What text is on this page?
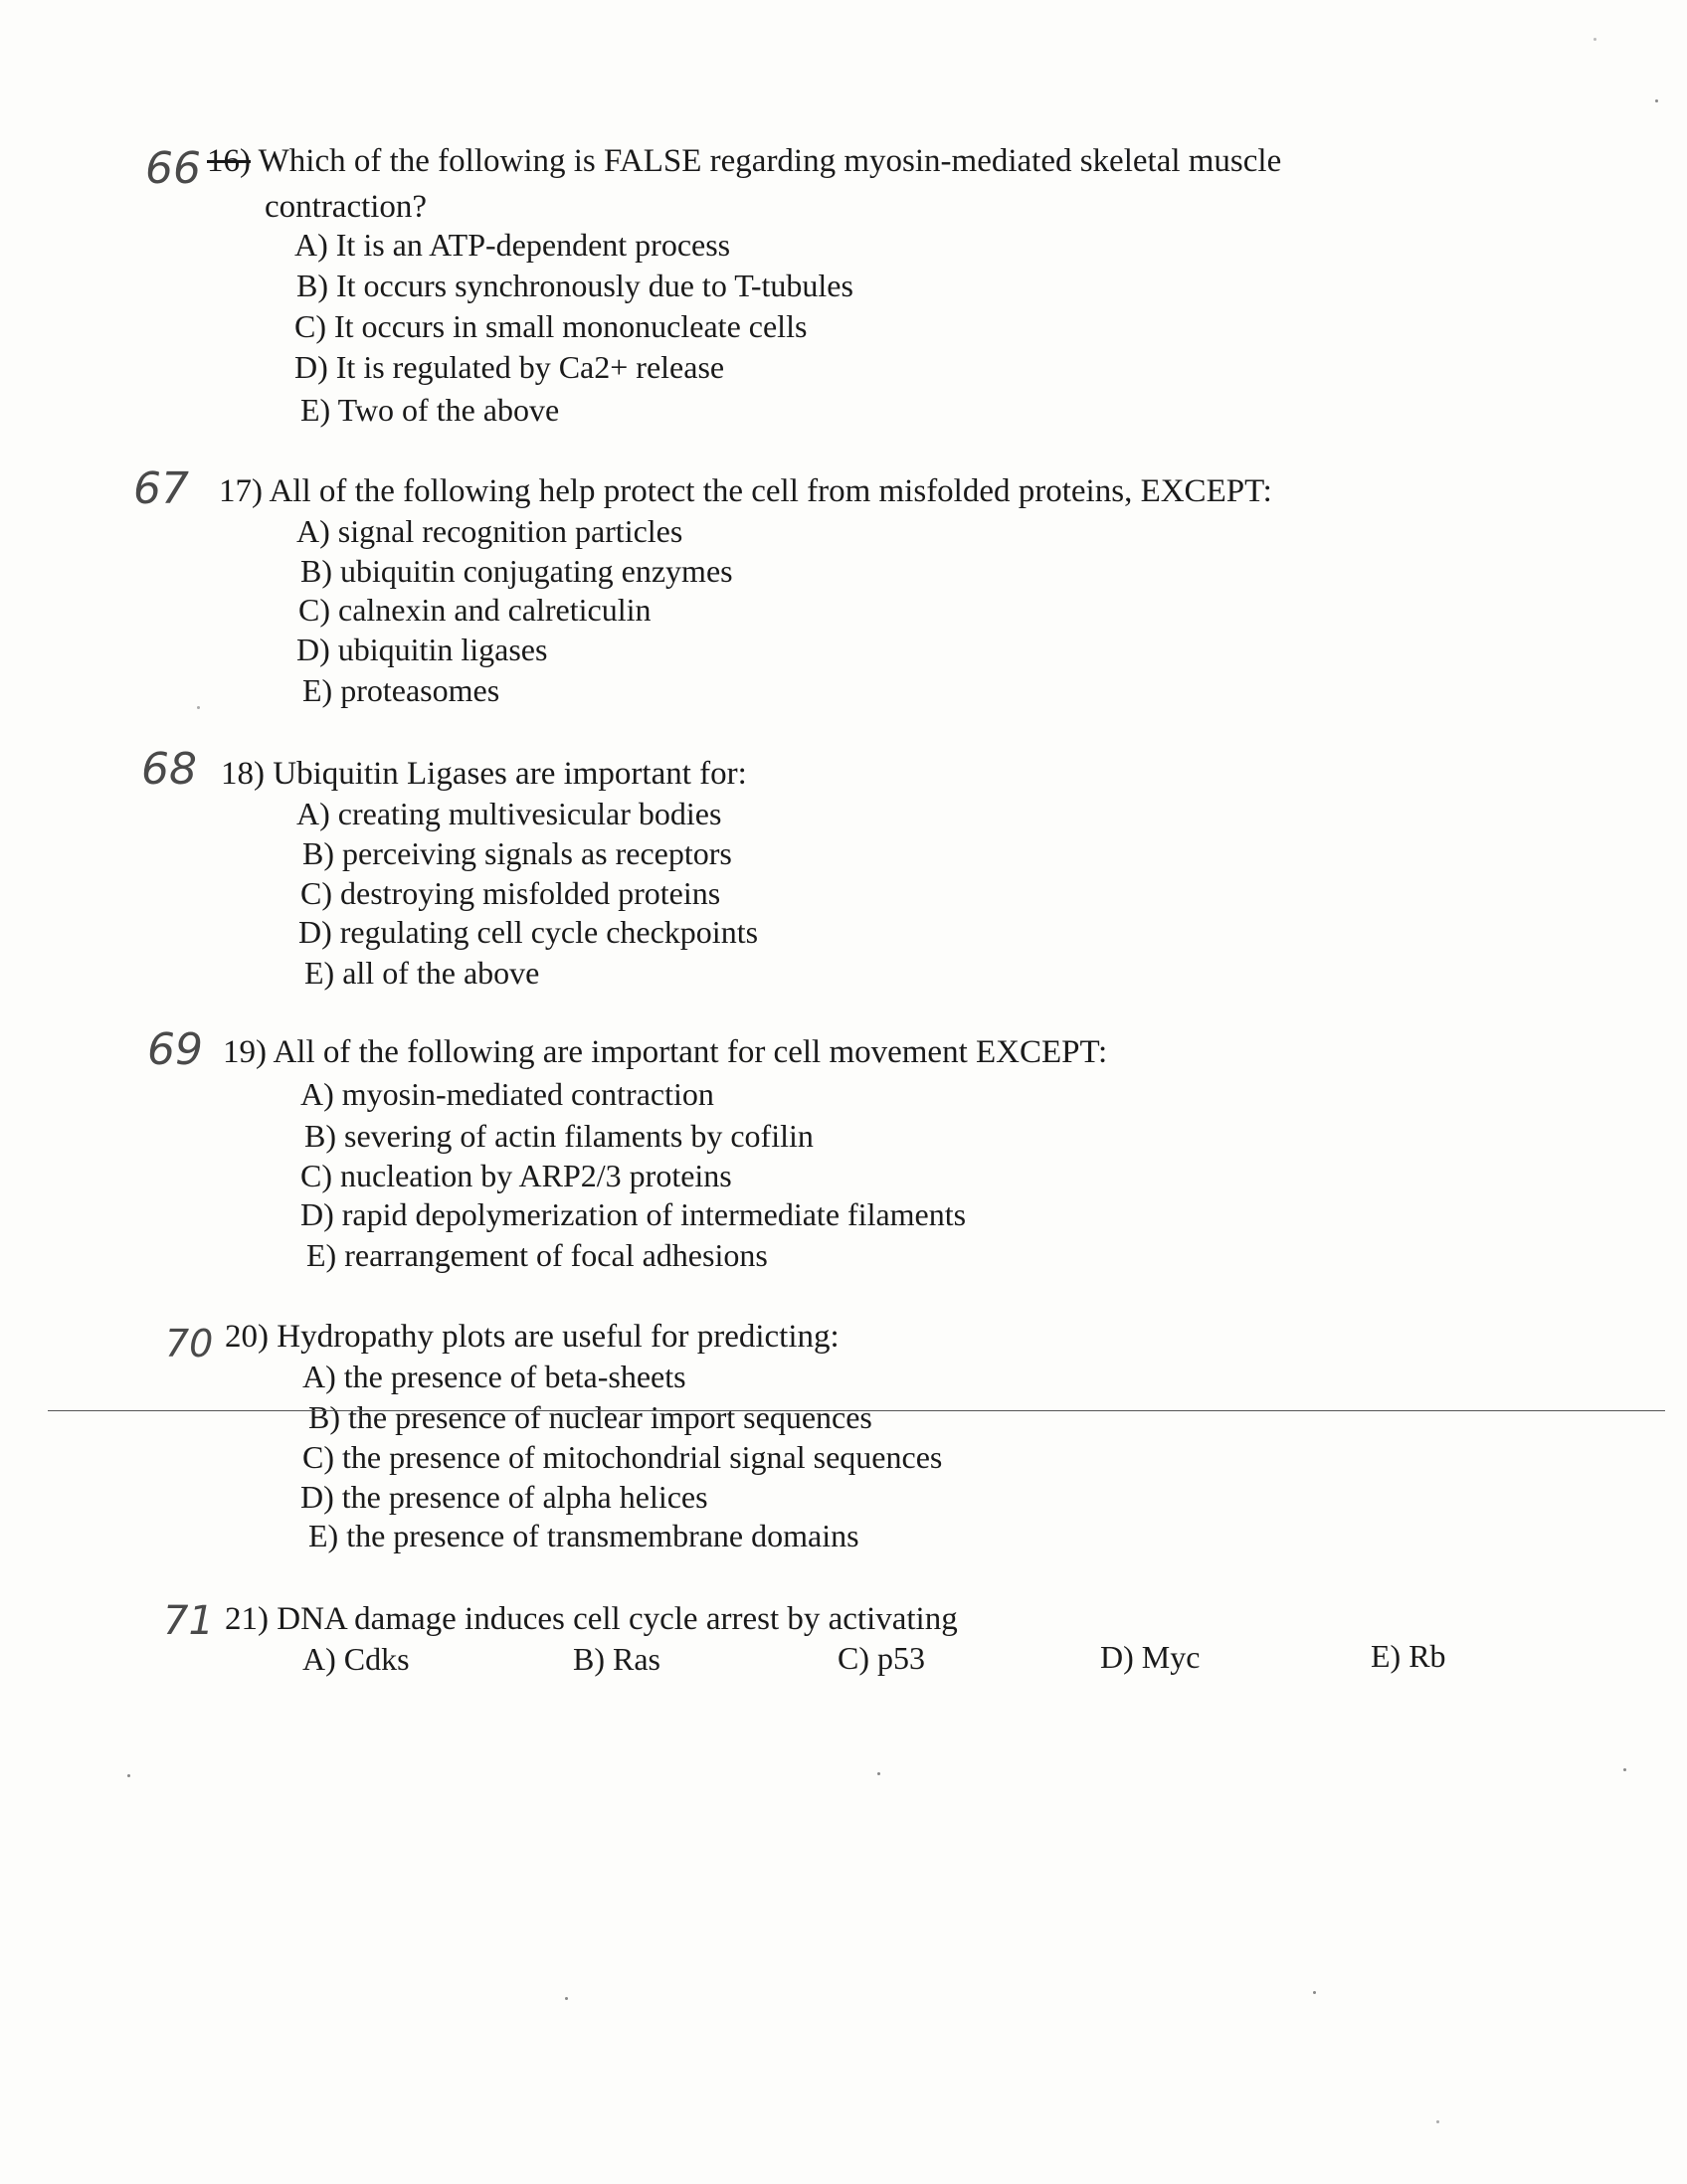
66 16) Which of the following is FALSE regarding myosin-mediated skeletal muscle
contraction?
A) It is an ATP-dependent process
B) It occurs synchronously due to T-tubules
C) It occurs in small mononucleate cells
D) It is regulated by Ca2+ release
E) Two of the above
67 17) All of the following help protect the cell from misfolded proteins, EXCEPT:
A) signal recognition particles
B) ubiquitin conjugating enzymes
C) calnexin and calreticulin
D) ubiquitin ligases
E) proteasomes
68 18) Ubiquitin Ligases are important for:
A) creating multivesicular bodies
B) perceiving signals as receptors
C) destroying misfolded proteins
D) regulating cell cycle checkpoints
E) all of the above
69 19) All of the following are important for cell movement EXCEPT:
A) myosin-mediated contraction
B) severing of actin filaments by cofilin
C) nucleation by ARP2/3 proteins
D) rapid depolymerization of intermediate filaments
E) rearrangement of focal adhesions
70 20) Hydropathy plots are useful for predicting:
A) the presence of beta-sheets
B) the presence of nuclear import sequences
C) the presence of mitochondrial signal sequences
D) the presence of alpha helices
E) the presence of transmembrane domains
71 21) DNA damage induces cell cycle arrest by activating
A) Cdks	B) Ras	C) p53	D) Myc	E) Rb
